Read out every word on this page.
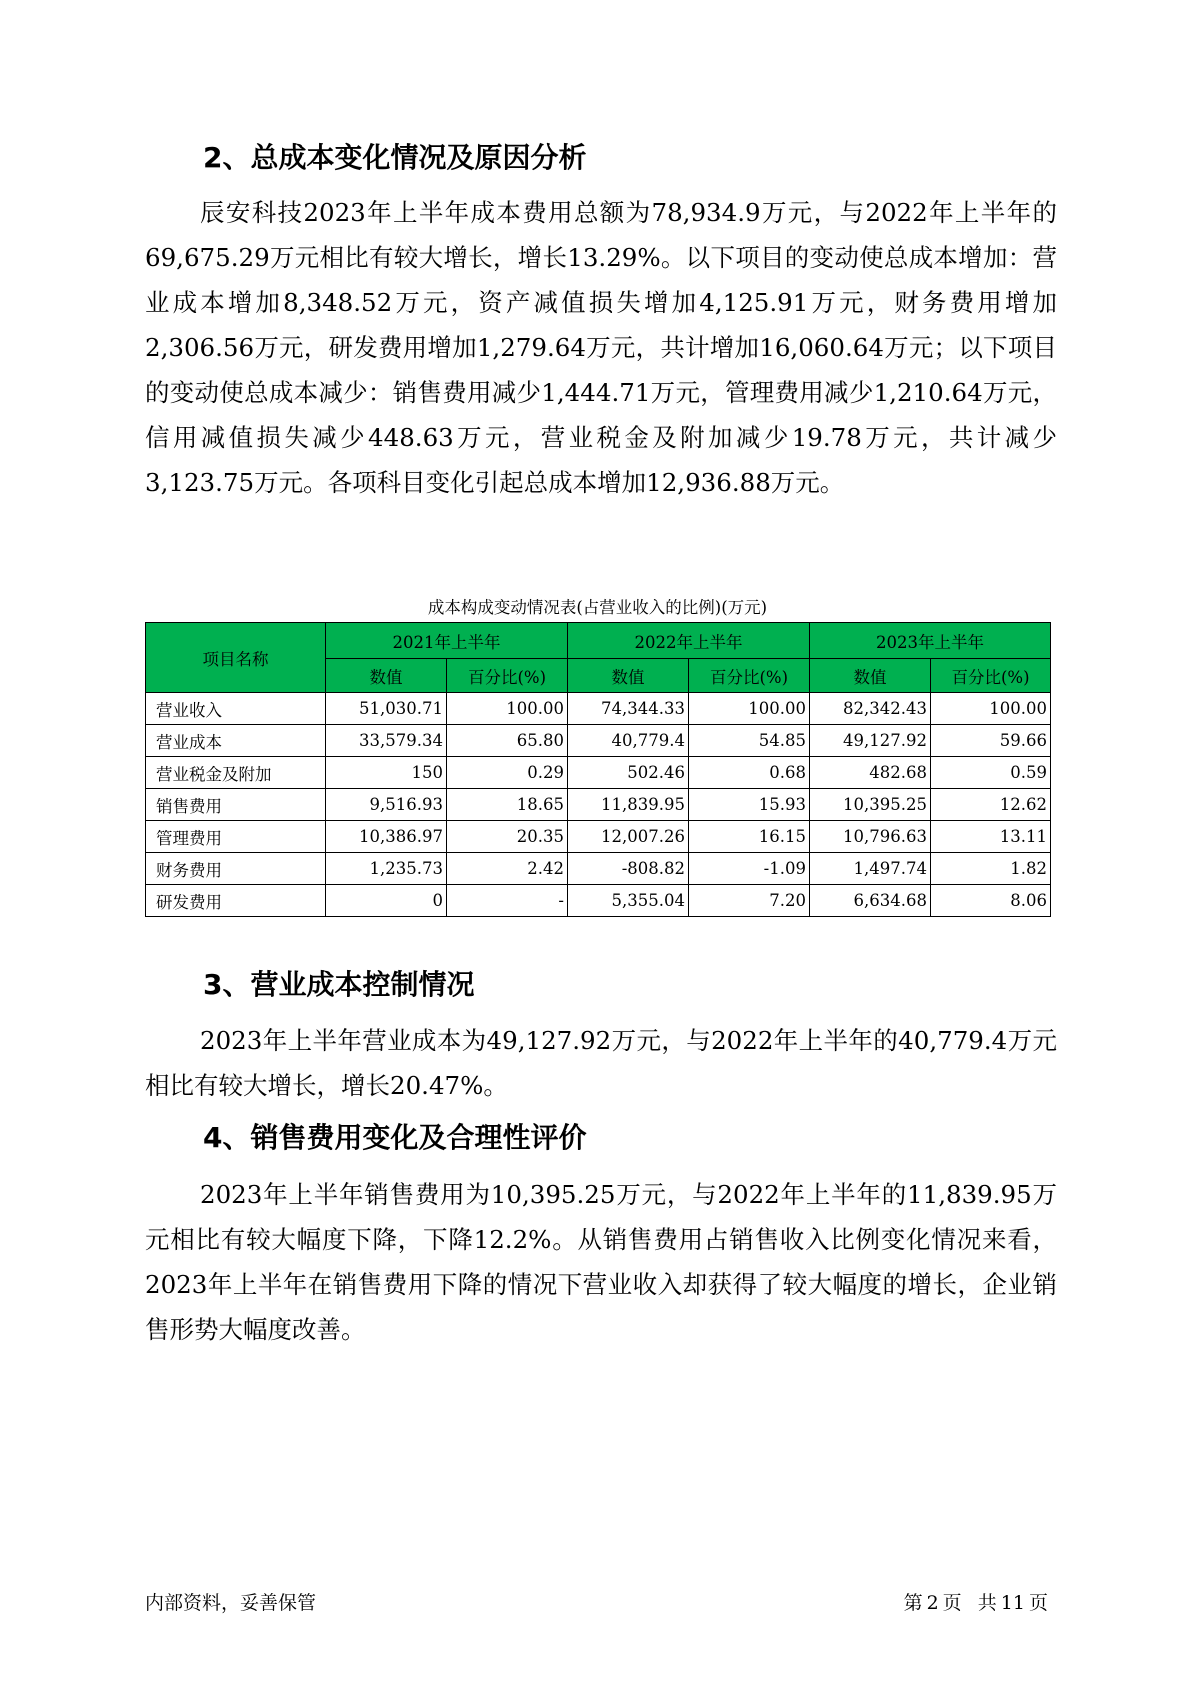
2、总成本变化情况及原因分析

辰安科技2023年上半年成本费用总额为78,934.9万元，与2022年上半年的69,675.29万元相比有较大增长，增长13.29%。以下项目的变动使总成本增加：营业成本增加8,348.52万元，资产减值损失增加4,125.91万元，财务费用增加2,306.56万元，研发费用增加1,279.64万元，共计增加16,060.64万元；以下项目的变动使总成本减少：销售费用减少1,444.71万元，管理费用减少1,210.64万元，信用减值损失减少448.63万元，营业税金及附加减少19.78万元，共计减少3,123.75万元。各项科目变化引起总成本增加12,936.88万元。

成本构成变动情况表(占营业收入的比例)(万元)

项目名称	2021年上半年		2022年上半年		2023年上半年	
	数值	百分比(%)	数值	百分比(%)	数值	百分比(%)
营业收入	51,030.71	100.00	74,344.33	100.00	82,342.43	100.00
营业成本	33,579.34	65.80	40,779.4	54.85	49,127.92	59.66
营业税金及附加	150	0.29	502.46	0.68	482.68	0.59
销售费用	9,516.93	18.65	11,839.95	15.93	10,395.25	12.62
管理费用	10,386.97	20.35	12,007.26	16.15	10,796.63	13.11
财务费用	1,235.73	2.42	-808.82	-1.09	1,497.74	1.82
研发费用	0	-	5,355.04	7.20	6,634.68	8.06
3、营业成本控制情况

2023年上半年营业成本为49,127.92万元，与2022年上半年的40,779.4万元相比有较大增长，增长20.47%。

4、销售费用变化及合理性评价

2023年上半年销售费用为10,395.25万元，与2022年上半年的11,839.95万元相比有较大幅度下降，下降12.2%。从销售费用占销售收入比例变化情况来看，2023年上半年在销售费用下降的情况下营业收入却获得了较大幅度的增长，企业销售形势大幅度改善。

内部资料，妥善保管	第 2 页 共 11 页
